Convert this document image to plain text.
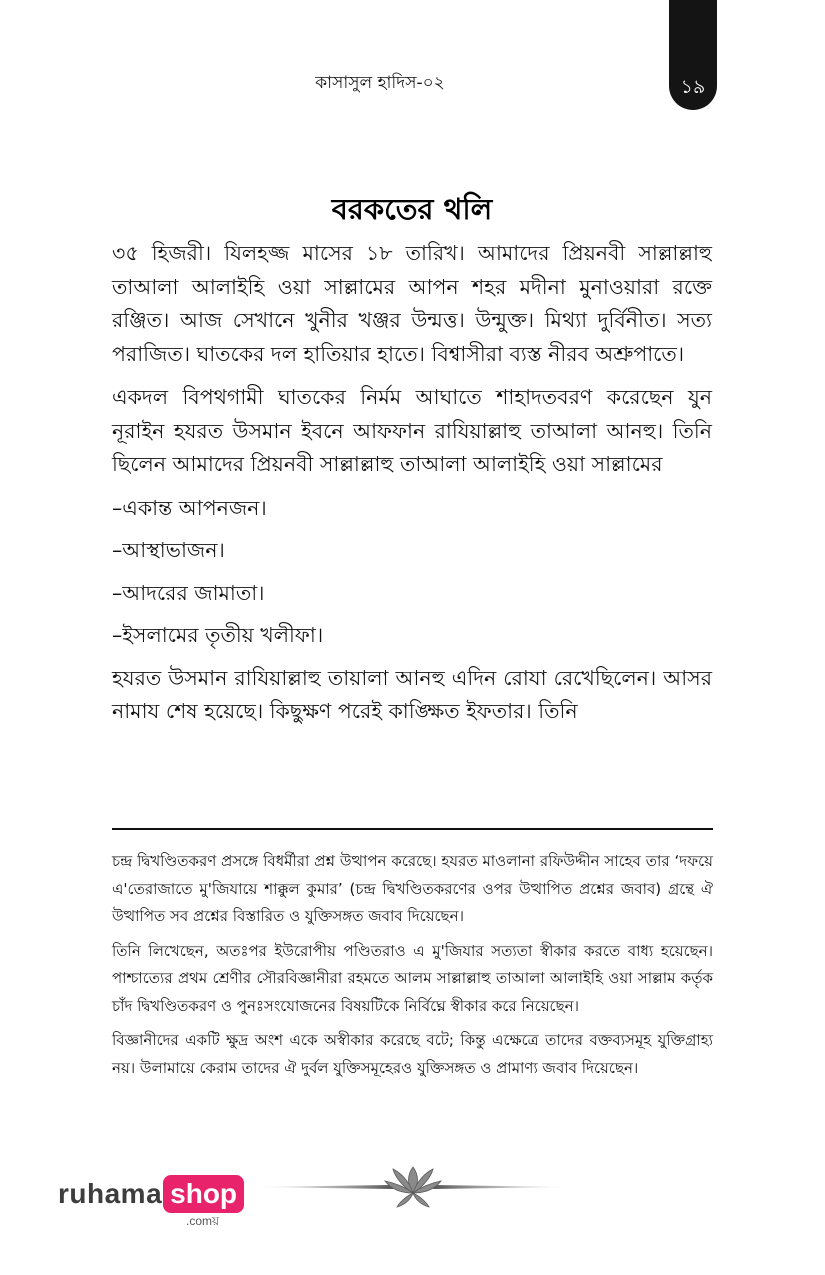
১৯
কাসাসুল হাদিস-০২
বরকতের থলি

৩৫ হিজরী। যিলহজ্জ মাসের ১৮ তারিখ। আমাদের প্রিয়নবী সাল্লাল্লাহু তাআলা আলাইহি ওয়া সাল্লামের আপন শহর মদীনা মুনাওয়ারা রক্তে রঞ্জিত। আজ সেখানে খুনীর খঞ্জর উন্মত্ত। উন্মুক্ত। মিথ্যা দুর্বিনীত। সত্য পরাজিত। ঘাতকের দল হাতিয়ার হাতে। বিশ্বাসীরা ব্যস্ত নীরব অশ্রুপাতে।

একদল বিপথগামী ঘাতকের নির্মম আঘাতে শাহাদতবরণ করেছেন যুন নূরাইন হযরত উসমান ইবনে আফফান রাযিয়াল্লাহু তাআলা আনহু। তিনি ছিলেন আমাদের প্রিয়নবী সাল্লাল্লাহু তাআলা আলাইহি ওয়া সাল্লামের

–একান্ত আপনজন।

–আস্থাভাজন।

–আদরের জামাতা।

–ইসলামের তৃতীয় খলীফা।

হযরত উসমান রাযিয়াল্লাহু তায়ালা আনহু এদিন রোযা রেখেছিলেন। আসর নামায শেষ হয়েছে। কিছুক্ষণ পরেই কাঙ্ক্ষিত ইফতার। তিনি

চন্দ্র দ্বিখণ্ডিতকরণ প্রসঙ্গে বিধর্মীরা প্রশ্ন উত্থাপন করেছে। হযরত মাওলানা রফিউদ্দীন সাহেব তার ‘দফয়ে এ'তেরাজাতে মু'জিযায়ে শাক্কুল কুমার’ (চন্দ্র দ্বিখণ্ডিতকরণের ওপর উত্থাপিত প্রশ্নের জবাব) গ্রন্থে ঐ উত্থাপিত সব প্রশ্নের বিস্তারিত ও যুক্তিসঙ্গত জবাব দিয়েছেন।

তিনি লিখেছেন, অতঃপর ইউরোপীয় পণ্ডিতরাও এ মু'জিযার সত্যতা স্বীকার করতে বাধ্য হয়েছেন। পাশ্চাত্যের প্রথম শ্রেণীর সৌরবিজ্ঞানীরা রহমতে আলম সাল্লাল্লাহু তাআলা আলাইহি ওয়া সাল্লাম কর্তৃক চাঁদ দ্বিখণ্ডিতকরণ ও পুনঃসংযোজনের বিষয়টিকে নির্বিঘ্নে স্বীকার করে নিয়েছেন।

বিজ্ঞানীদের একটি ক্ষুদ্র অংশ একে অস্বীকার করেছে বটে; কিন্তু এক্ষেত্রে তাদের বক্তব্যসমূহ যুক্তিগ্রাহ্য নয়। উলামায়ে কেরাম তাদের ঐ দুর্বল যুক্তিসমূহেরও যুক্তিসঙ্গত ও প্রামাণ্য জবাব দিয়েছেন।

ruhama shop
.comয়
